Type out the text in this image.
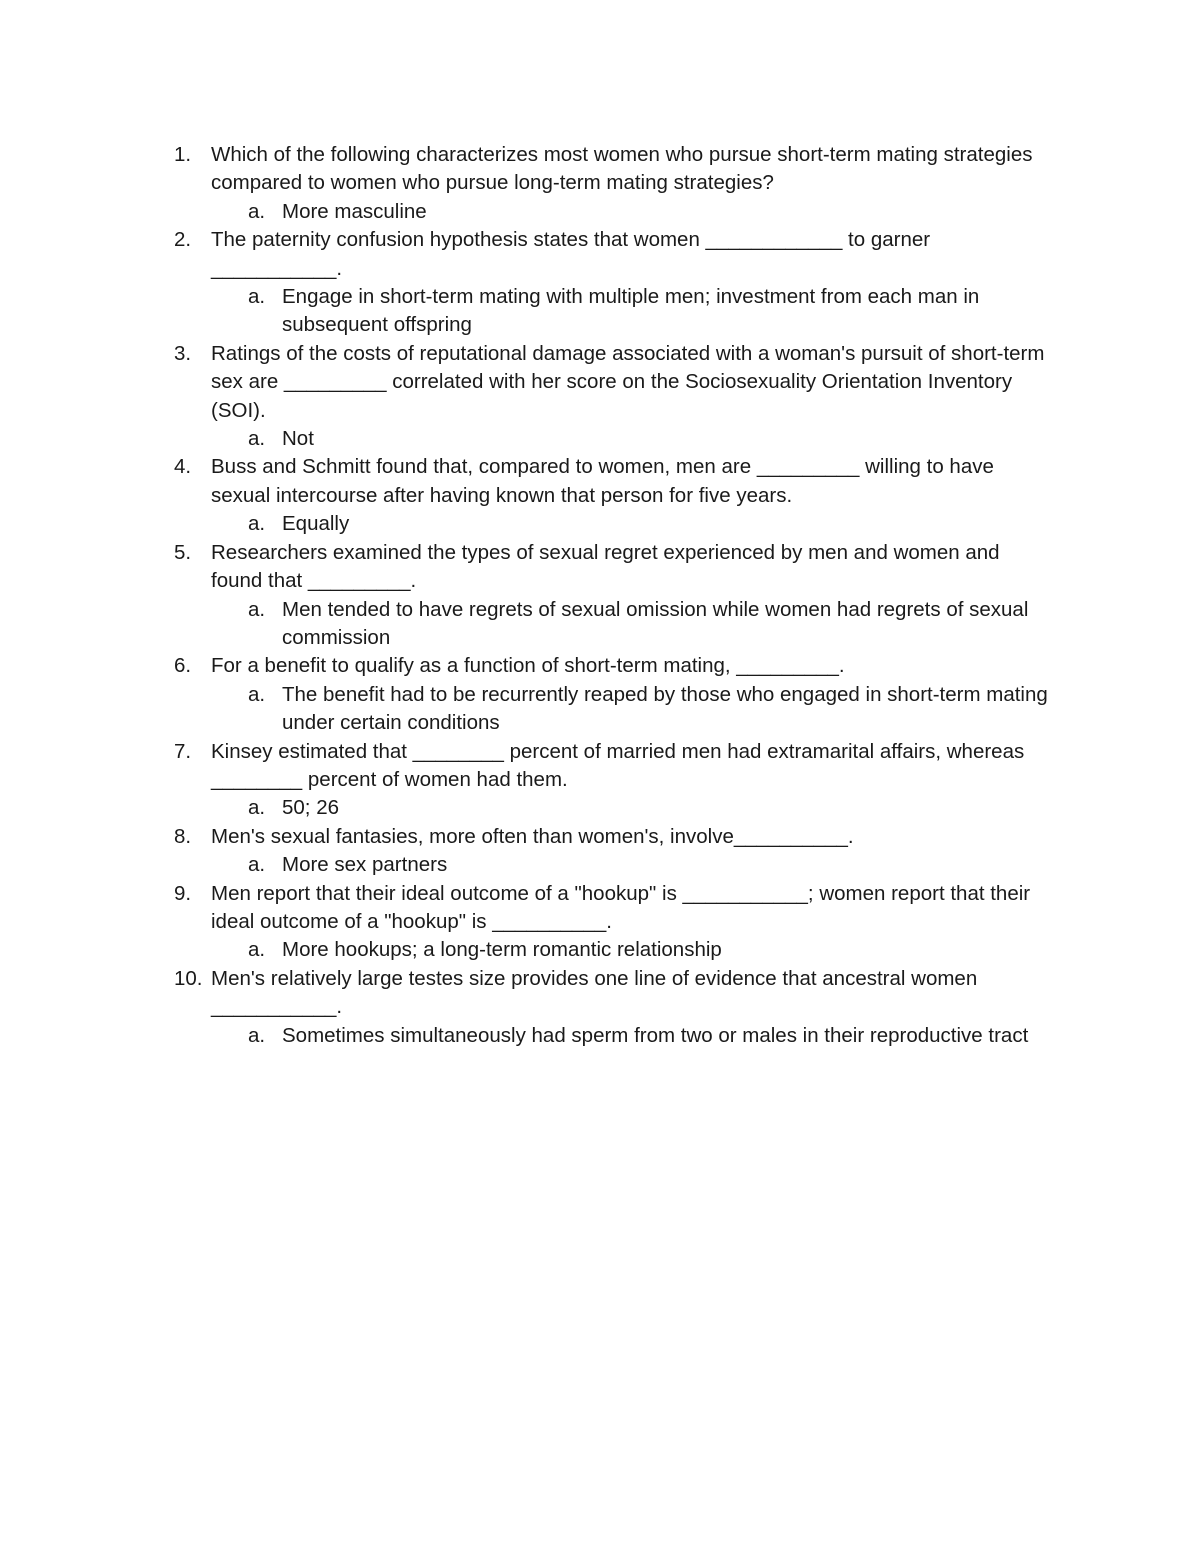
1. Which of the following characterizes most women who pursue short-term mating strategies compared to women who pursue long-term mating strategies?
a. More masculine
2. The paternity confusion hypothesis states that women ____________ to garner ___________.
a. Engage in short-term mating with multiple men; investment from each man in subsequent offspring
3. Ratings of the costs of reputational damage associated with a woman's pursuit of short-term sex are _________ correlated with her score on the Sociosexuality Orientation Inventory (SOI).
a. Not
4. Buss and Schmitt found that, compared to women, men are _________ willing to have sexual intercourse after having known that person for five years.
a. Equally
5. Researchers examined the types of sexual regret experienced by men and women and found that _________.
a. Men tended to have regrets of sexual omission while women had regrets of sexual commission
6. For a benefit to qualify as a function of short-term mating, _________.
a. The benefit had to be recurrently reaped by those who engaged in short-term mating under certain conditions
7. Kinsey estimated that ________ percent of married men had extramarital affairs, whereas ________ percent of women had them.
a. 50; 26
8. Men's sexual fantasies, more often than women's, involve__________.
a. More sex partners
9. Men report that their ideal outcome of a "hookup" is ___________; women report that their ideal outcome of a "hookup" is __________.
a. More hookups; a long-term romantic relationship
10. Men's relatively large testes size provides one line of evidence that ancestral women ___________.
a. Sometimes simultaneously had sperm from two or males in their reproductive tract
